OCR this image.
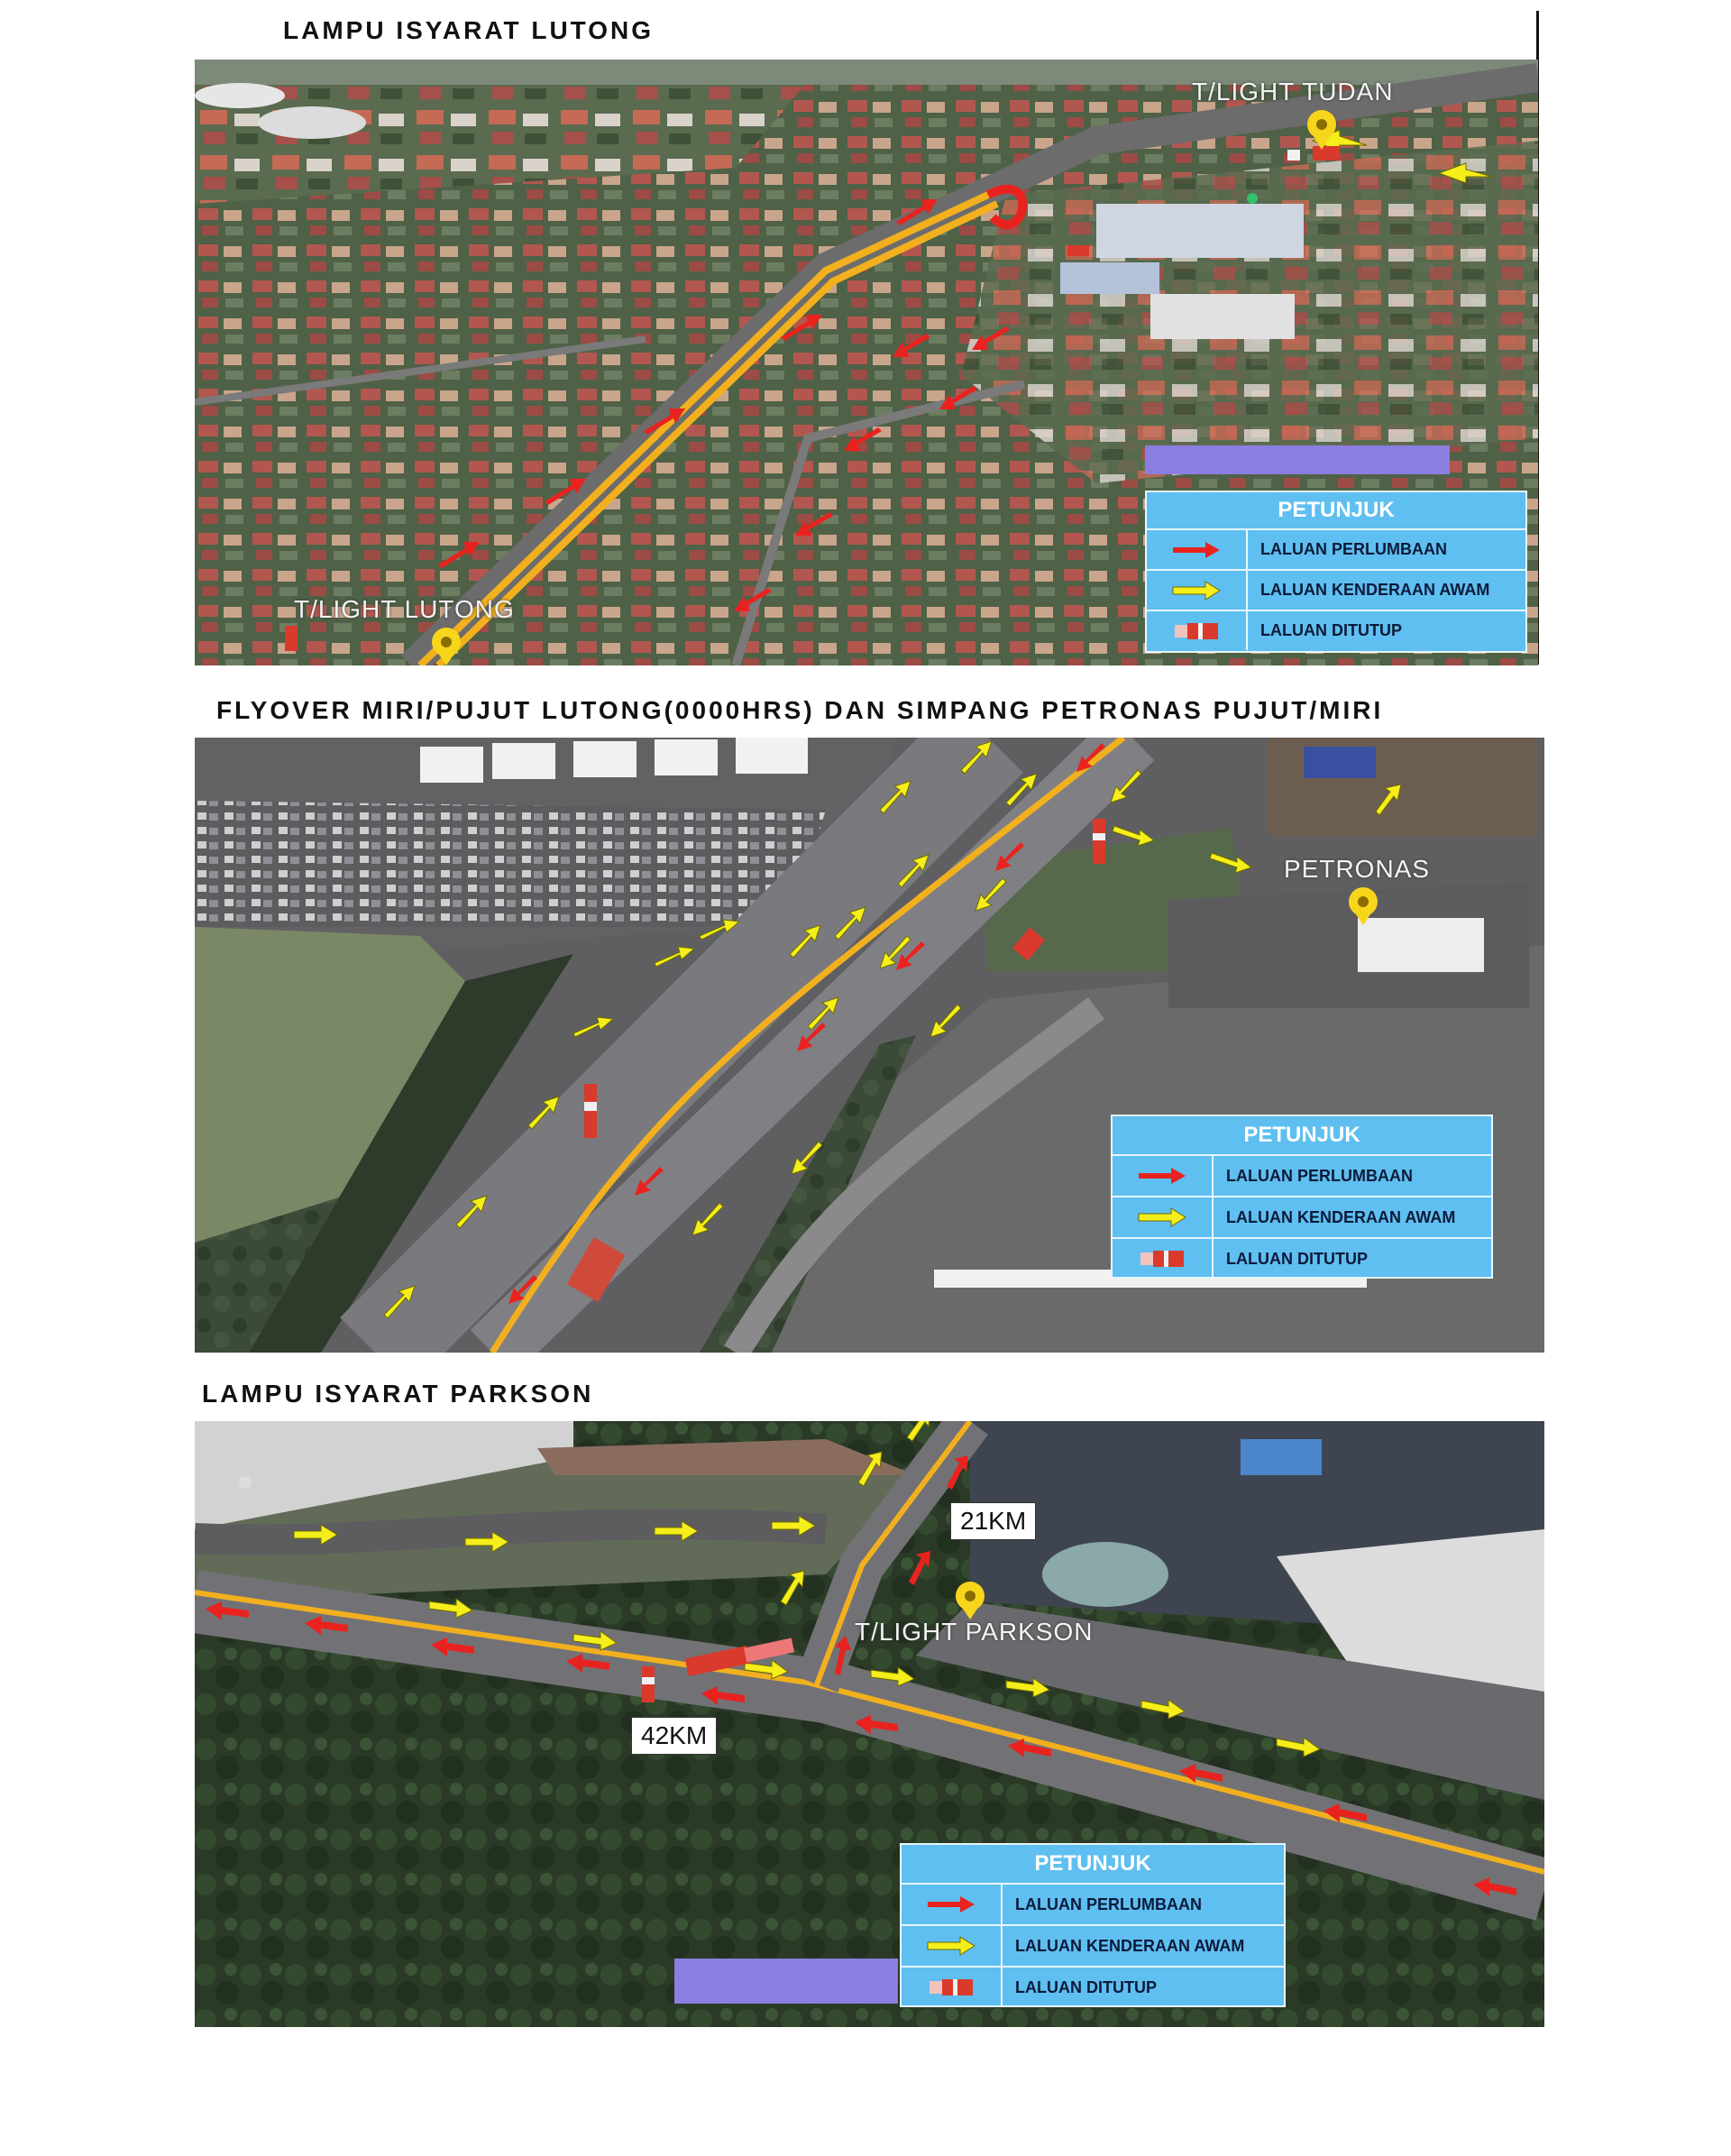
LAMPU ISYARAT LUTONG
T/LIGHT TUDAN
T/LIGHT LUTONG
PETUNJUK
LALUAN PERLUMBAAN
LALUAN KENDERAAN AWAM
LALUAN DITUTUP
FLYOVER MIRI/PUJUT LUTONG(0000HRS) DAN SIMPANG PETRONAS PUJUT/MIRI
PETRONAS
PETUNJUK
LALUAN PERLUMBAAN
LALUAN KENDERAAN AWAM
LALUAN DITUTUP
LAMPU ISYARAT PARKSON
T/LIGHT PARKSON
21KM
42KM
PETUNJUK
LALUAN PERLUMBAAN
LALUAN KENDERAAN AWAM
LALUAN DITUTUP
